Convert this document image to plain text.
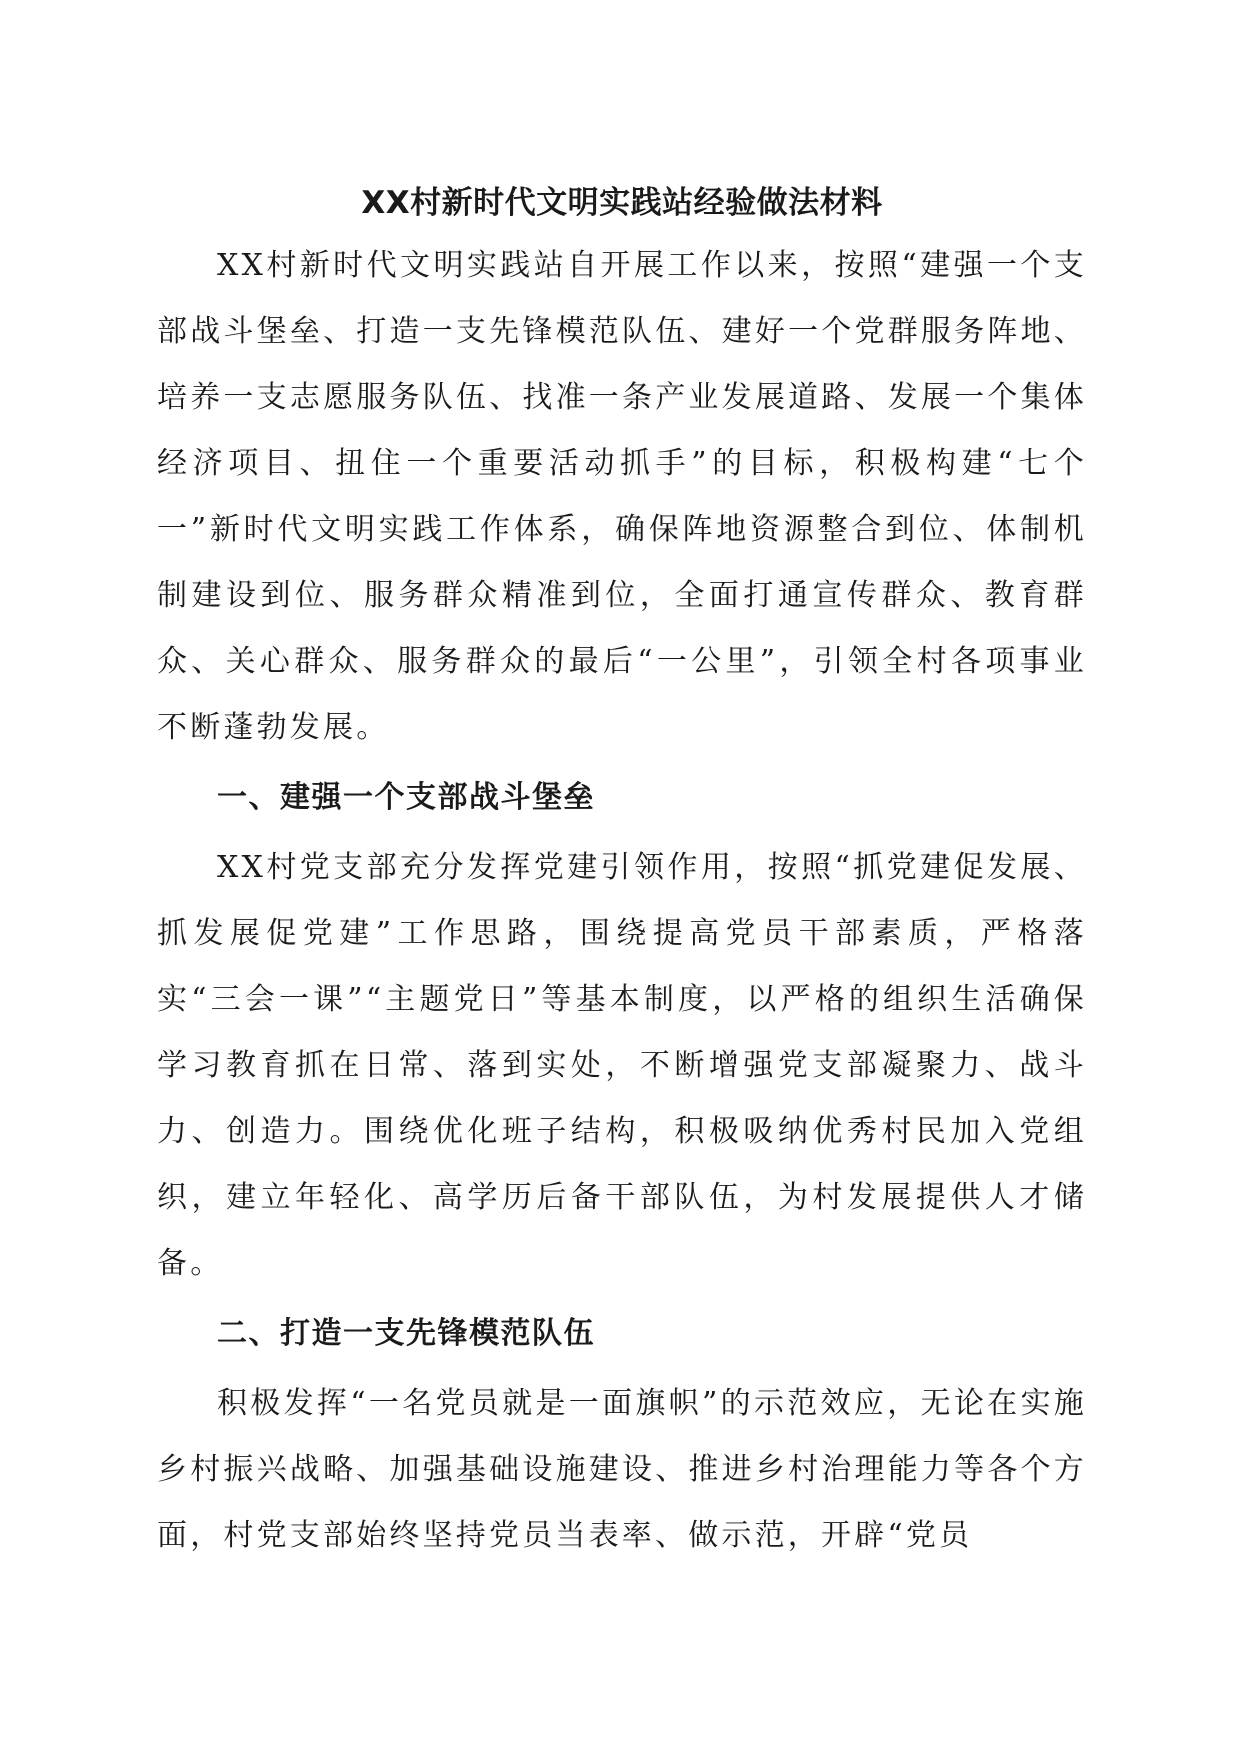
XX村新时代文明实践站经验做法材料

XX村新时代文明实践站自开展工作以来，按照“建强一个支部战斗堡垒、打造一支先锋模范队伍、建好一个党群服务阵地、培养一支志愿服务队伍、找准一条产业发展道路、发展一个集体经济项目、扭住一个重要活动抓手”的目标，积极构建“七个一”新时代文明实践工作体系，确保阵地资源整合到位、体制机制建设到位、服务群众精准到位，全面打通宣传群众、教育群众、关心群众、服务群众的最后“一公里”，引领全村各项事业不断蓬勃发展。

一、建强一个支部战斗堡垒

XX村党支部充分发挥党建引领作用，按照“抓党建促发展、抓发展促党建”工作思路，围绕提高党员干部素质，严格落实“三会一课”“主题党日”等基本制度，以严格的组织生活确保学习教育抓在日常、落到实处，不断增强党支部凝聚力、战斗力、创造力。围绕优化班子结构，积极吸纳优秀村民加入党组织，建立年轻化、高学历后备干部队伍，为村发展提供人才储备。

二、打造一支先锋模范队伍

积极发挥“一名党员就是一面旗帜”的示范效应，无论在实施乡村振兴战略、加强基础设施建设、推进乡村治理能力等各个方面，村党支部始终坚持党员当表率、做示范，开辟“党员
